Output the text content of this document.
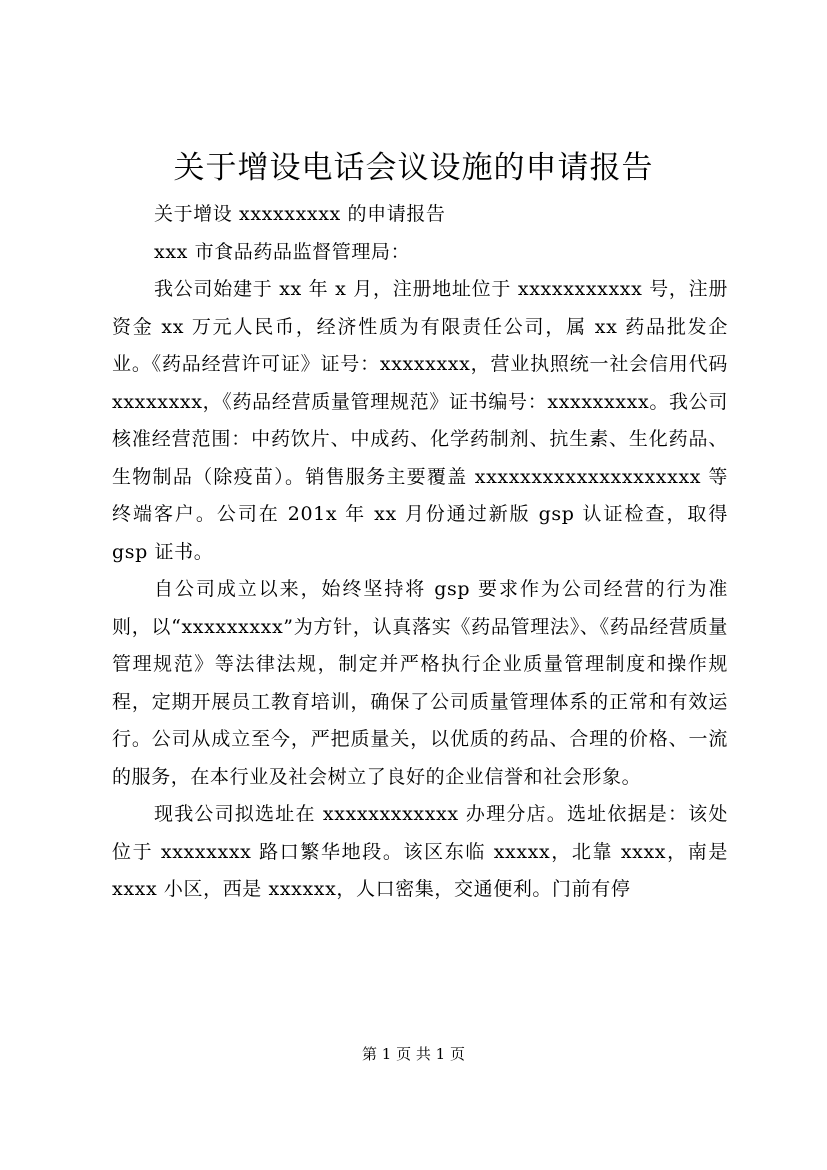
关于增设电话会议设施的申请报告

关于增设 xxxxxxxxx 的申请报告

xxx 市食品药品监督管理局：

我公司始建于 xx 年 x 月，注册地址位于 xxxxxxxxxxx 号，注册资金 xx 万元人民币，经济性质为有限责任公司，属 xx 药品批发企业。《药品经营许可证》证号：xxxxxxxx，营业执照统一社会信用代码 xxxxxxxx，《药品经营质量管理规范》证书编号：xxxxxxxxx。我公司核准经营范围：中药饮片、中成药、化学药制剂、抗生素、生化药品、生物制品（除疫苗）。销售服务主要覆盖 xxxxxxxxxxxxxxxxxxxx 等终端客户。公司在 201x 年 xx 月份通过新版 gsp 认证检查，取得 gsp 证书。

自公司成立以来，始终坚持将 gsp 要求作为公司经营的行为准则，以“xxxxxxxxx”为方针，认真落实《药品管理法》、《药品经营质量管理规范》等法律法规，制定并严格执行企业质量管理制度和操作规程，定期开展员工教育培训，确保了公司质量管理体系的正常和有效运行。公司从成立至今，严把质量关，以优质的药品、合理的价格、一流的服务，在本行业及社会树立了良好的企业信誉和社会形象。

现我公司拟选址在 xxxxxxxxxxxx 办理分店。选址依据是：该处位于 xxxxxxxx 路口繁华地段。该区东临 xxxxx，北靠 xxxx，南是 xxxx 小区，西是 xxxxxx，人口密集，交通便利。门前有停

第 1 页 共 1 页
